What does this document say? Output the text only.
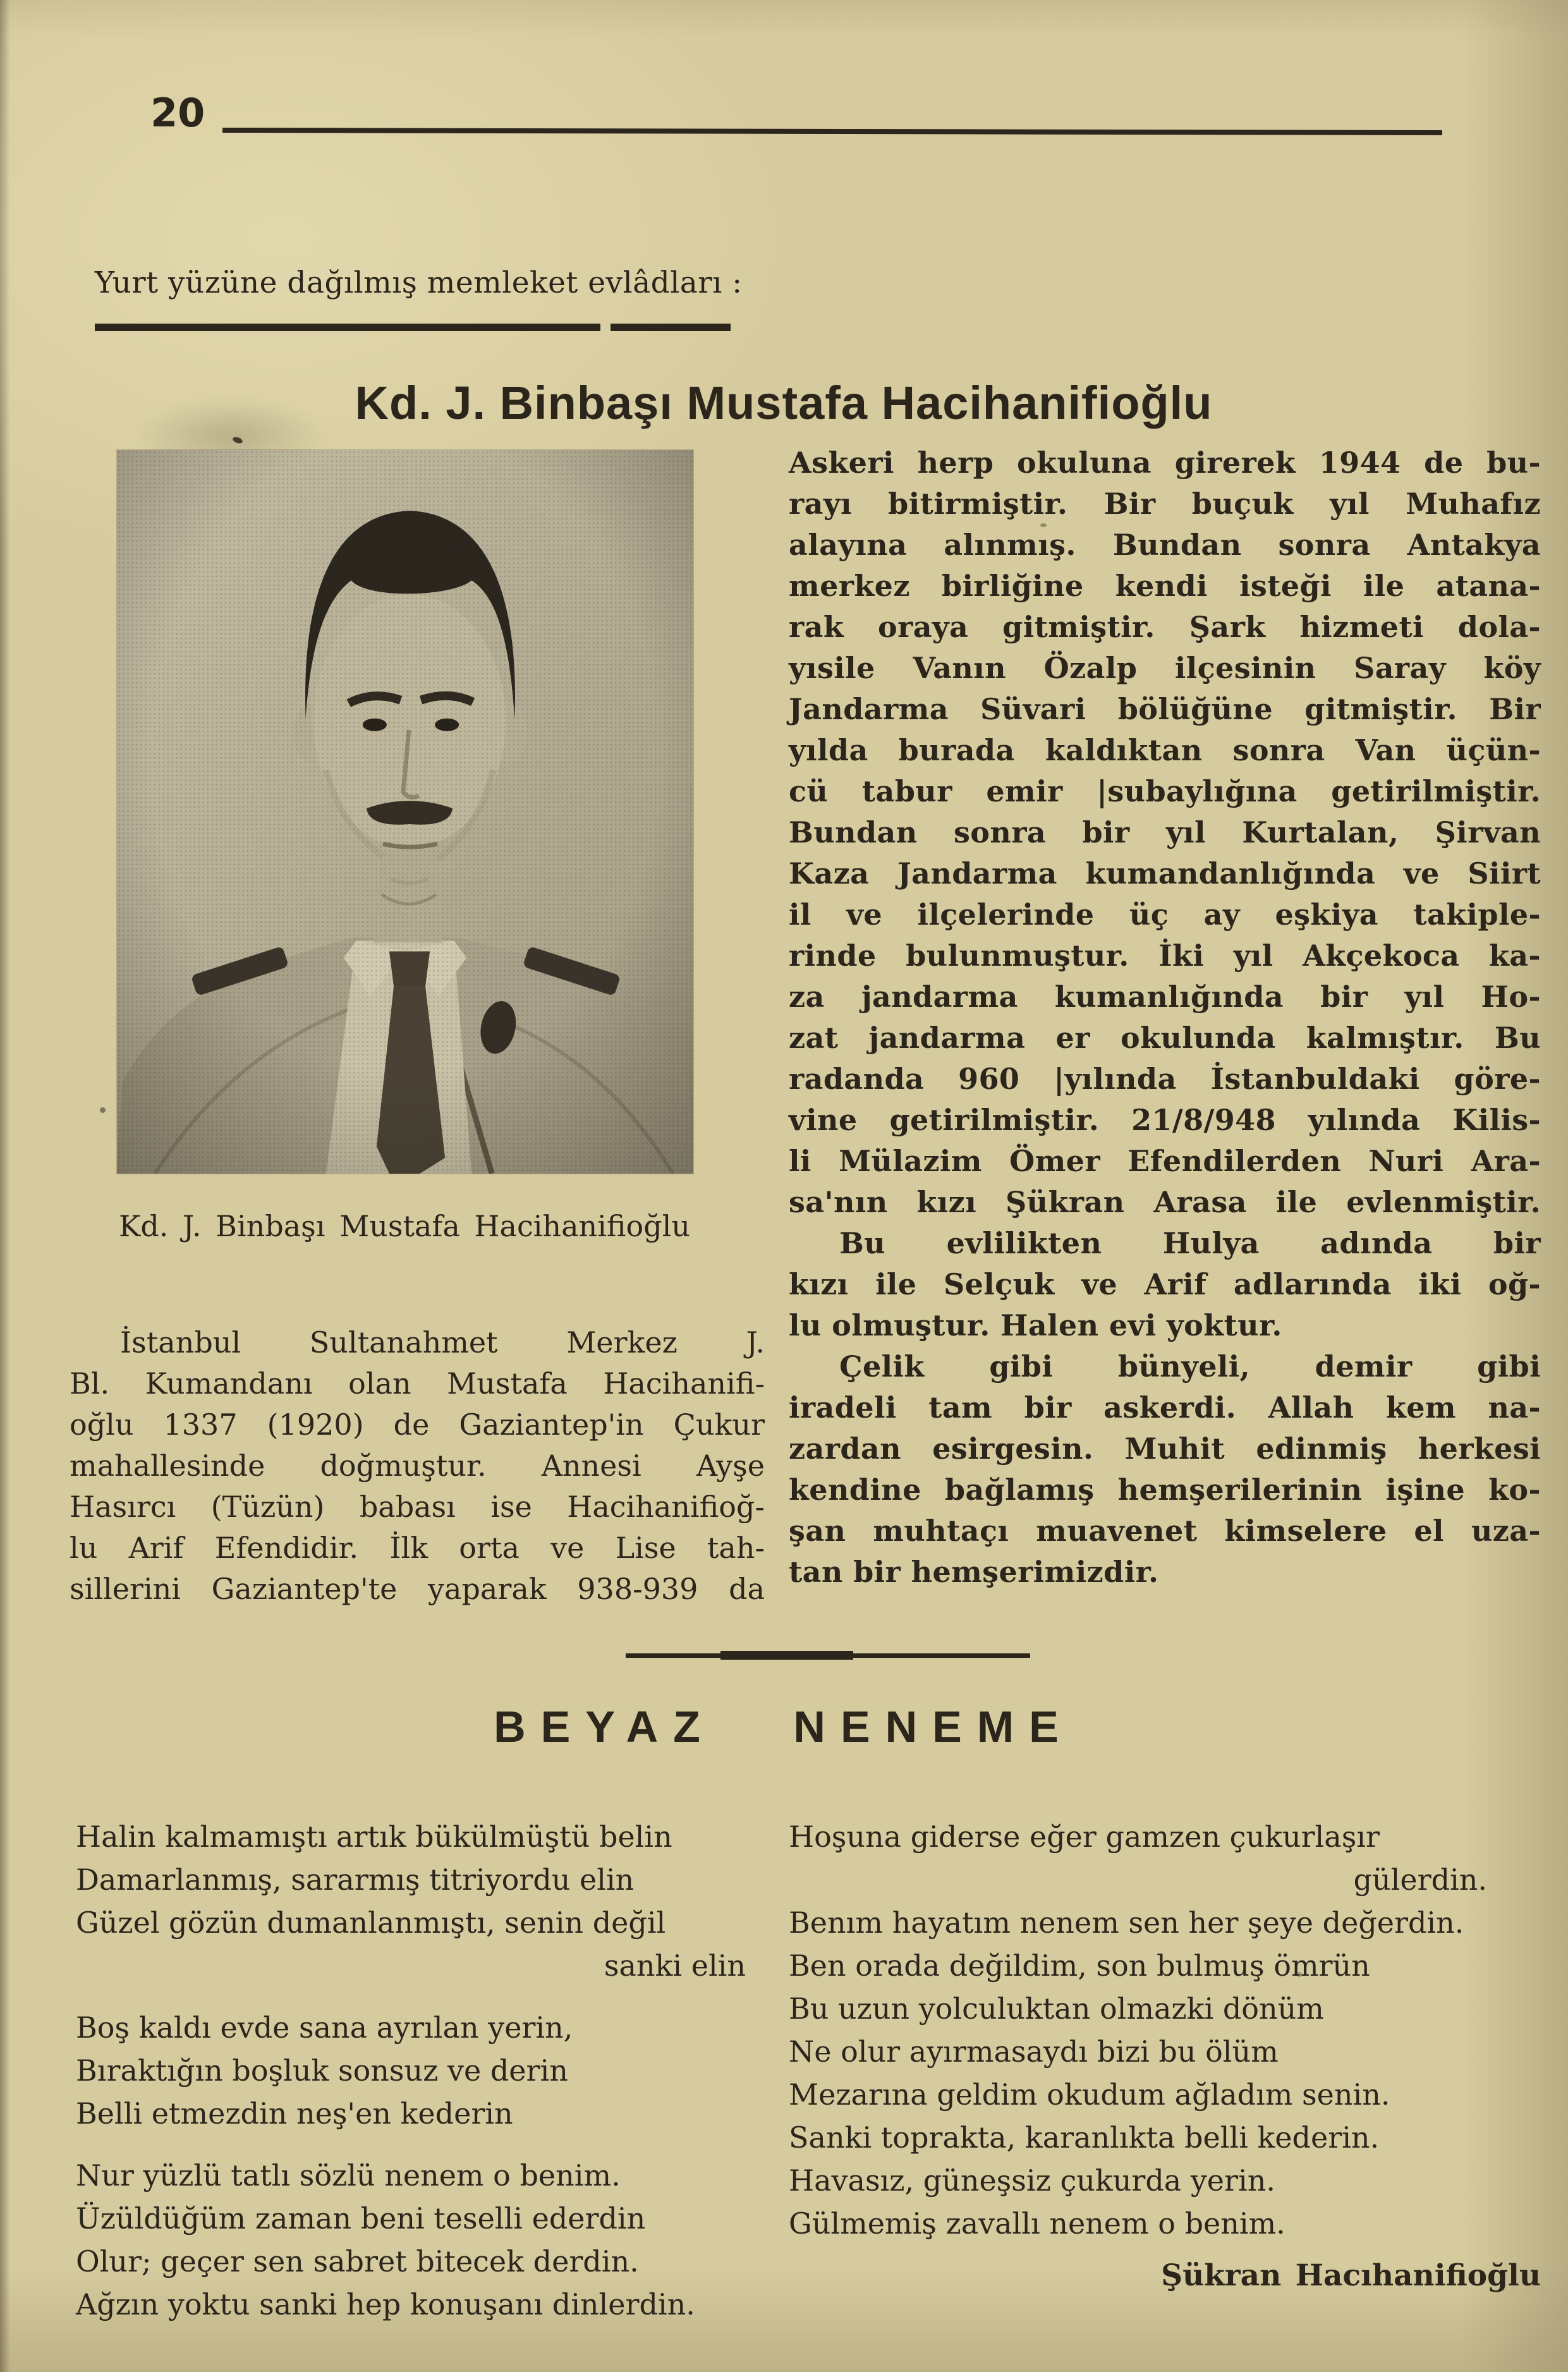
20
Yurt yüzüne dağılmış memleket evlâdları :
Kd. J. Binbaşı Mustafa Hacihanifioğlu
Kd. J. Binbaşı Mustafa Hacihanifioğlu
İstanbul Sultanahmet Merkez J.
Bl. Kumandanı olan Mustafa Hacihanifi-
oğlu 1337 (1920) de Gaziantep'in Çukur
mahallesinde doğmuştur. Annesi Ayşe
Hasırcı (Tüzün) babası ise Hacihanifioğ-
lu Arif Efendidir. İlk orta ve Lise tah-
sillerini Gaziantep'te yaparak 938-939 da
Askeri herp okuluna girerek 1944 de bu-
rayı bitirmiştir. Bir buçuk yıl Muhafız
alayına alınmış. Bundan sonra Antakya
merkez birliğine kendi isteği ile atana-
rak oraya gitmiştir. Şark hizmeti dola-
yısile Vanın Özalp ilçesinin Saray köy
Jandarma Süvari bölüğüne gitmiştir. Bir
yılda burada kaldıktan sonra Van üçün-
cü tabur emir |subaylığına getirilmiştir.
Bundan sonra bir yıl Kurtalan, Şirvan
Kaza Jandarma kumandanlığında ve Siirt
il ve ilçelerinde üç ay eşkiya takiple-
rinde bulunmuştur. İki yıl Akçekoca ka-
za jandarma kumanlığında bir yıl Ho-
zat jandarma er okulunda kalmıştır. Bu
radanda 960 |yılında İstanbuldaki göre-
vine getirilmiştir. 21/8/948 yılında Kilis-
li Mülazim Ömer Efendilerden Nuri Ara-
sa'nın kızı Şükran Arasa ile evlenmiştir.
Bu evlilikten Hulya adında bir
kızı ile Selçuk ve Arif adlarında iki oğ-
lu olmuştur. Halen evi yoktur.
Çelik gibi bünyeli, demir gibi
iradeli tam bir askerdi. Allah kem na-
zardan esirgesin. Muhit edinmiş herkesi
kendine bağlamış hemşerilerinin işine ko-
şan muhtaçı muavenet kimselere el uza-
tan bir hemşerimizdir.
BEYAZ NENEME
Halin kalmamıştı artık bükülmüştü belin
Damarlanmış, sararmış titriyordu elin
Güzel gözün dumanlanmıştı, senin değil
sanki elin
Boş kaldı evde sana ayrılan yerin,
Bıraktığın boşluk sonsuz ve derin
Belli etmezdin neş'en kederin
Nur yüzlü tatlı sözlü nenem o benim.
Üzüldüğüm zaman beni teselli ederdin
Olur; geçer sen sabret bitecek derdin.
Ağzın yoktu sanki hep konuşanı dinlerdin.
Hoşuna giderse eğer gamzen çukurlaşır
gülerdin.
Benım hayatım nenem sen her şeye değerdin.
Ben orada değildim, son bulmuş ömrün
Bu uzun yolculuktan olmazki dönüm
Ne olur ayırmasaydı bizi bu ölüm
Mezarına geldim okudum ağladım senin.
Sanki toprakta, karanlıkta belli kederin.
Havasız, güneşsiz çukurda yerin.
Gülmemiş zavallı nenem o benim.
Şükran Hacıhanifioğlu
